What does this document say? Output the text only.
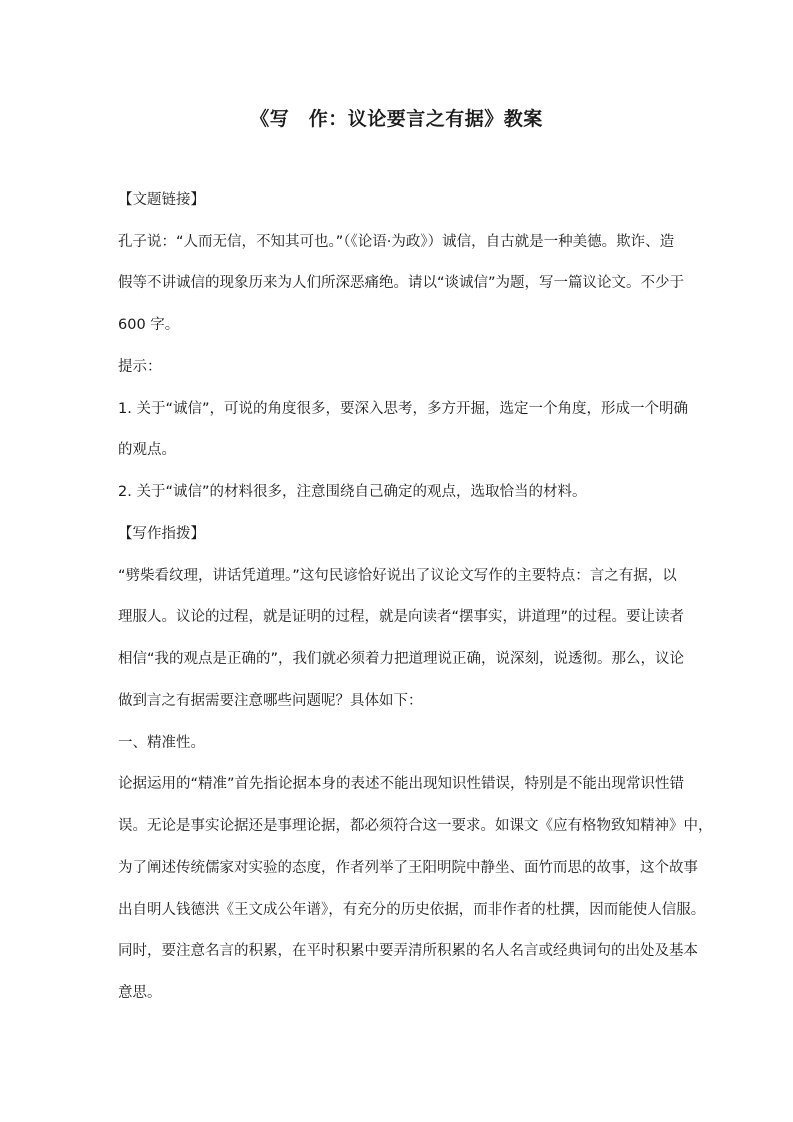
《写　作：议论要言之有据》教案
【文题链接】
孔子说：“人而无信，不知其可也。”（《论语·为政》）诚信，自古就是一种美德。欺诈、造
假等不讲诚信的现象历来为人们所深恶痛绝。请以“谈诚信”为题，写一篇议论文。不少于
600 字。
提示：
1. 关于“诚信”，可说的角度很多，要深入思考，多方开掘，选定一个角度，形成一个明确
的观点。
2. 关于“诚信”的材料很多，注意围绕自己确定的观点，选取恰当的材料。
【写作指拨】
“劈柴看纹理，讲话凭道理。”这句民谚恰好说出了议论文写作的主要特点：言之有据，以
理服人。议论的过程，就是证明的过程，就是向读者“摆事实，讲道理”的过程。要让读者
相信“我的观点是正确的”，我们就必须着力把道理说正确，说深刻，说透彻。那么，议论
做到言之有据需要注意哪些问题呢？具体如下：
一、精准性。
论据运用的“精准”首先指论据本身的表述不能出现知识性错误，特别是不能出现常识性错
误。无论是事实论据还是事理论据，都必须符合这一要求。如课文《应有格物致知精神》中，
为了阐述传统儒家对实验的态度，作者列举了王阳明院中静坐、面竹而思的故事，这个故事
出自明人钱德洪《王文成公年谱》，有充分的历史依据，而非作者的杜撰，因而能使人信服。
同时，要注意名言的积累，在平时积累中要弄清所积累的名人名言或经典词句的出处及基本
意思。
